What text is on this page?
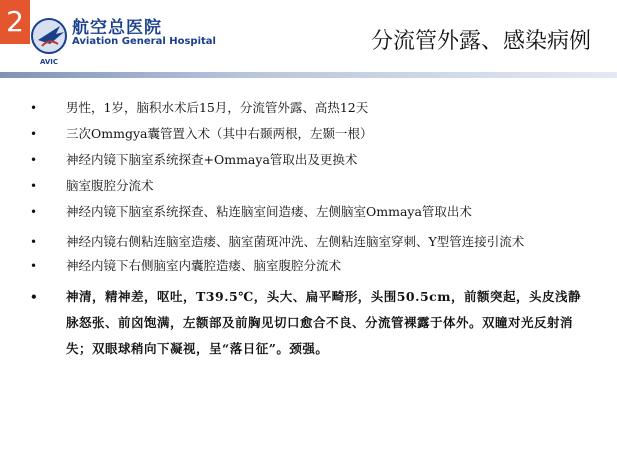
2
AVIC
航空总医院
Aviation General Hospital	分流管外露、感染病例
•	男性，1岁，脑积水术后15月，分流管外露、高热12天
•	三次Ommgya囊管置入术（其中右颞两根，左颞一根）
•	神经内镜下脑室系统探查+Ommaya管取出及更换术
•	脑室腹腔分流术
•	神经内镜下脑室系统探查、粘连脑室间造瘘、左侧脑室Ommaya管取出术
•	神经内镜右侧粘连脑室造瘘、脑室菌斑冲洗、左侧粘连脑室穿刺、Y型管连接引流术
•	神经内镜下右侧脑室内囊腔造瘘、脑室腹腔分流术
•	神清，精神差，呕吐，T39.5℃，头大、扁平畸形，头围50.5cm，前额突起，头皮浅静脉怒张、前囟饱满，左额部及前胸见切口愈合不良、分流管裸露于体外。双瞳对光反射消失；双眼球稍向下凝视，呈“落日征”。颈强。
